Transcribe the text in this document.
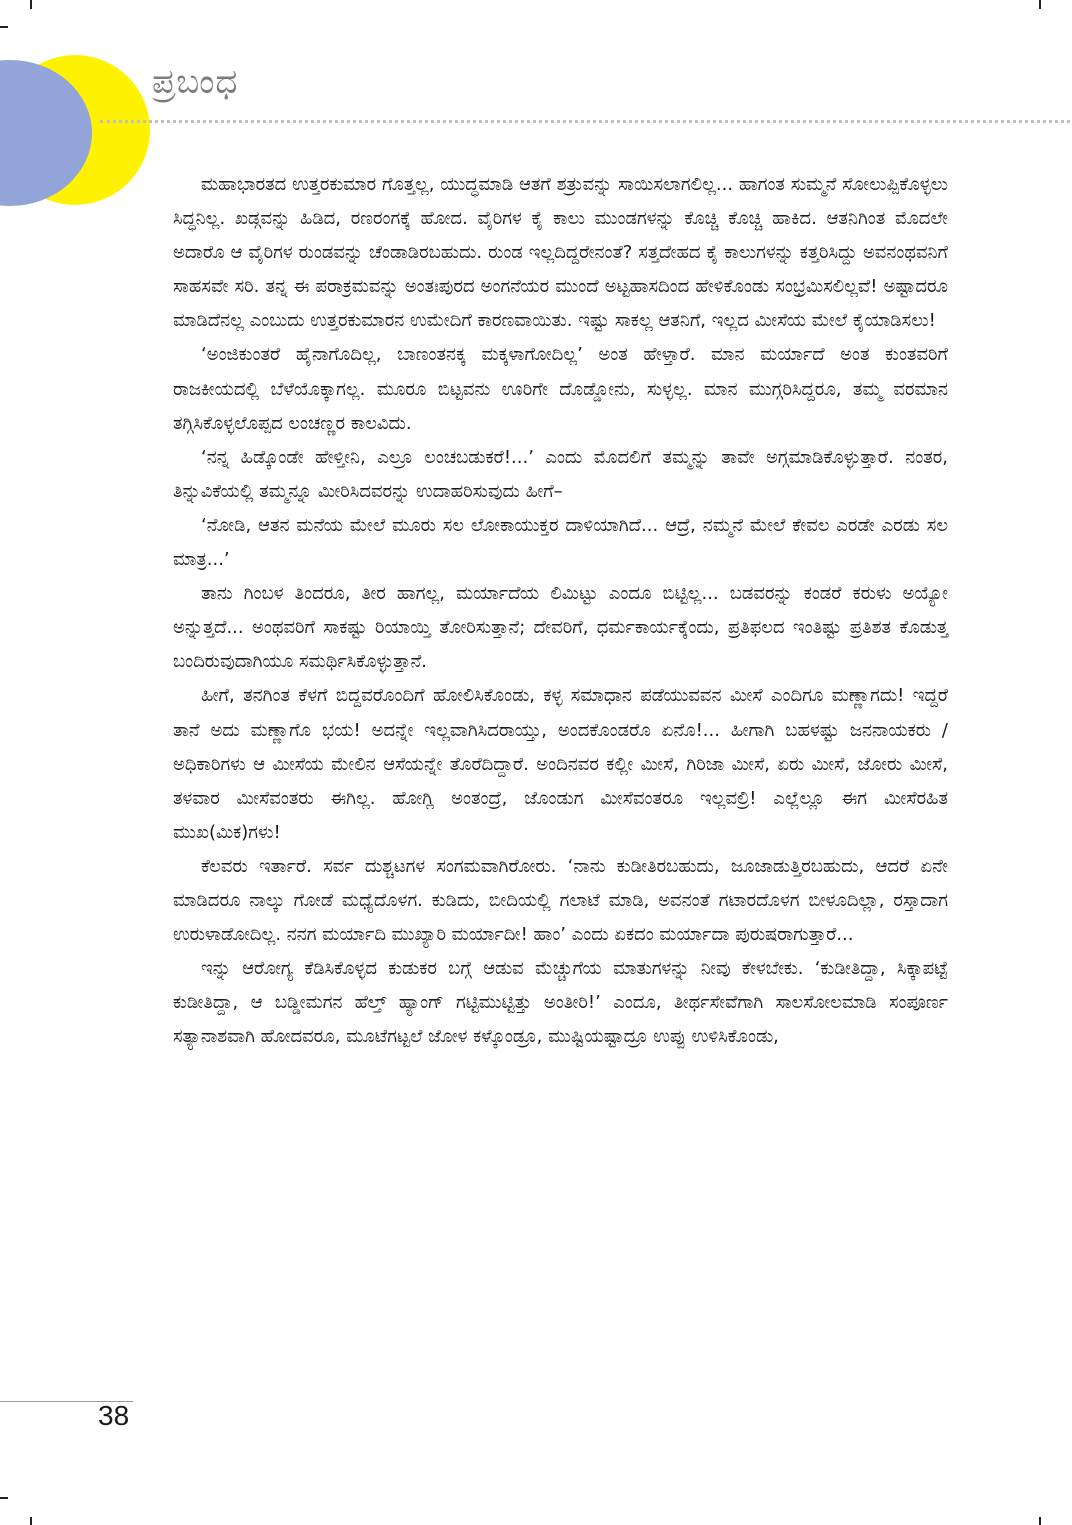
ಪ್ರಬಂಧ

ಮಹಾಭಾರತದ ಉತ್ತರಕುಮಾರ ಗೊತ್ತಲ್ಲ, ಯುದ್ಧಮಾಡಿ ಆತಗೆ ಶತ್ರುವನ್ನು ಸಾಯಿಸಲಾಗಲಿಲ್ಲ... ಹಾಗಂತ ಸುಮ್ಮನೆ ಸೋಲುಪ್ಪಿಕೊಳ್ಳಲು ಸಿದ್ಧನಿಲ್ಲ. ಖಡ್ಗವನ್ನು ಹಿಡಿದ, ರಣರಂಗಕ್ಕೆ ಹೋದ. ವೈರಿಗಳ ಕೈ ಕಾಲು ಮುಂಡಗಳನ್ನು ಕೊಚ್ಚಿ ಕೊಚ್ಚಿ ಹಾಕಿದ. ಆತನಿಗಿಂತ ಮೊದಲೇ ಅದಾರೊ ಆ ವೈರಿಗಳ ರುಂಡವನ್ನು ಚೆಂಡಾಡಿರಬಹುದು. ರುಂಡ ಇಲ್ಲದಿದ್ದರೇನಂತೆ? ಸತ್ತದೇಹದ ಕೈ ಕಾಲುಗಳನ್ನು ಕತ್ತರಿಸಿದ್ದು ಅವನಂಥವನಿಗೆ ಸಾಹಸವೇ ಸರಿ. ತನ್ನ ಈ ಪರಾಕ್ರಮವನ್ನು ಅಂತಃಪುರದ ಅಂಗನೆಯರ ಮುಂದೆ ಅಟ್ಟಹಾಸದಿಂದ ಹೇಳಿಕೊಂಡು ಸಂಭ್ರಮಿಸಲಿಲ್ಲವೆ! ಅಷ್ಟಾದರೂ ಮಾಡಿದೆನಲ್ಲ ಎಂಬುದು ಉತ್ತರಕುಮಾರನ ಉಮೇದಿಗೆ ಕಾರಣವಾಯಿತು. ಇಷ್ಟು ಸಾಕಲ್ಲ ಆತನಿಗೆ, ಇಲ್ಲದ ಮೀಸೆಯ ಮೇಲೆ ಕೈಯಾಡಿಸಲು!

‘ಅಂಜಿಕುಂತರೆ ಹೈನಾಗೊದಿಲ್ಲ, ಬಾಣಂತನಕ್ಕ ಮಕ್ಕಳಾಗೋದಿಲ್ಲ’ ಅಂತ ಹೇಳ್ತಾರೆ. ಮಾನ ಮರ್ಯಾದೆ ಅಂತ ಕುಂತವರಿಗೆ ರಾಜಕೀಯದಲ್ಲಿ ಬೆಳೆಯೊಕ್ಕಾಗಲ್ಲ. ಮೂರೂ ಬಿಟ್ಟವನು ಊರಿಗೇ ದೊಡ್ಡೋನು, ಸುಳ್ಳಲ್ಲ. ಮಾನ ಮುಗ್ಗರಿಸಿದ್ದರೂ, ತಮ್ಮ ವರಮಾನ ತಗ್ಗಿಸಿಕೊಳ್ಳಲೊಪ್ಪದ ಲಂಚಣ್ಣರ ಕಾಲವಿದು.

‘ನನ್ನ ಹಿಡ್ಕೊಂಡೇ ಹೇಳ್ತೀನಿ, ಎಲ್ರೂ ಲಂಚಬಡುಕರೆ!...’ ಎಂದು ಮೊದಲಿಗೆ ತಮ್ಮನ್ನು ತಾವೇ ಅಗ್ಗಮಾಡಿಕೊಳ್ಳುತ್ತಾರೆ. ನಂತರ, ತಿನ್ನುವಿಕೆಯಲ್ಲಿ ತಮ್ಮನ್ನೂ ಮೀರಿಸಿದವರನ್ನು ಉದಾಹರಿಸುವುದು ಹೀಗೆ–

‘ನೋಡಿ, ಆತನ ಮನೆಯ ಮೇಲೆ ಮೂರು ಸಲ ಲೋಕಾಯುಕ್ತರ ದಾಳಿಯಾಗಿದೆ... ಆದ್ರೆ, ನಮ್ಮನೆ ಮೇಲೆ ಕೇವಲ ಎರಡೇ ಎರಡು ಸಲ ಮಾತ್ರ...’

ತಾನು ಗಿಂಬಳ ತಿಂದರೂ, ತೀರ ಹಾಗಲ್ಲ, ಮರ್ಯಾದೆಯ ಲಿಮಿಟ್ಟು ಎಂದೂ ಬಿಟ್ಟಿಲ್ಲ... ಬಡವರನ್ನು ಕಂಡರೆ ಕರುಳು ಅಯ್ಯೋ ಅನ್ನುತ್ತದೆ... ಅಂಥವರಿಗೆ ಸಾಕಷ್ಟು ರಿಯಾಯ್ತಿ ತೋರಿಸುತ್ತಾನೆ; ದೇವರಿಗೆ, ಧರ್ಮಕಾರ್ಯಕ್ಕೆಂದು, ಪ್ರತಿಫಲದ ಇಂತಿಷ್ಟು ಪ್ರತಿಶತ ಕೊಡುತ್ತ ಬಂದಿರುವುದಾಗಿಯೂ ಸಮರ್ಥಿಸಿಕೊಳ್ಳುತ್ತಾನೆ.

ಹೀಗೆ, ತನಗಿಂತ ಕೆಳಗೆ ಬಿದ್ದವರೊಂದಿಗೆ ಹೋಲಿಸಿಕೊಂಡು, ಕಳ್ಳ ಸಮಾಧಾನ ಪಡೆಯುವವನ ಮೀಸೆ ಎಂದಿಗೂ ಮಣ್ಣಾಗದು! ಇದ್ದರೆ ತಾನೆ ಅದು ಮಣ್ಣಾಗೊ ಭಯ! ಅದನ್ನೇ ಇಲ್ಲವಾಗಿಸಿದರಾಯ್ತು, ಅಂದಕೊಂಡರೊ ಏನೊ!... ಹೀಗಾಗಿ ಬಹಳಷ್ಟು ಜನನಾಯಕರು / ಅಧಿಕಾರಿಗಳು ಆ ಮೀಸೆಯ ಮೇಲಿನ ಆಸೆಯನ್ನೇ ತೊರೆದಿದ್ದಾರೆ. ಅಂದಿನವರ ಕಲ್ಲೀ ಮೀಸೆ, ಗಿರಿಜಾ ಮೀಸೆ, ಏರು ಮೀಸೆ, ಜೋರು ಮೀಸೆ, ತಳವಾರ ಮೀಸೆವಂತರು ಈಗಿಲ್ಲ. ಹೋಗ್ಲಿ ಅಂತಂದ್ರೆ, ಜೊಂಡುಗ ಮೀಸೆವಂತರೂ ಇಲ್ಲವಲ್ರಿ! ಎಲ್ಲೆಲ್ಲೂ ಈಗ ಮೀಸೆರಹಿತ ಮುಖ(ಮಿಕ)ಗಳು!

ಕೆಲವರು ಇರ್ತಾರೆ. ಸರ್ವ ದುಶ್ಚಟಗಳ ಸಂಗಮವಾಗಿರೋರು. ‘ನಾನು ಕುಡೀತಿರಬಹುದು, ಜೂಜಾಡುತ್ತಿರಬಹುದು, ಆದರೆ ಏನೇ ಮಾಡಿದರೂ ನಾಲ್ಕು ಗೋಡೆ ಮಧ್ಯೆದೊಳಗ. ಕುಡಿದು, ಬೀದಿಯಲ್ಲಿ ಗಲಾಟೆ ಮಾಡಿ, ಅವನಂತೆ ಗಟಾರದೊಳಗ ಬೀಳೂದಿಲ್ಲಾ, ರಸ್ತಾದಾಗ ಉರುಳಾಡೋದಿಲ್ಲ. ನನಗ ಮರ್ಯಾದಿ ಮುಖ್ಯಾರಿ ಮರ್ಯಾದೀ! ಹಾಂ’ ಎಂದು ಏಕದಂ ಮರ್ಯಾದಾ ಪುರುಷರಾಗುತ್ತಾರೆ...

ಇನ್ನು ಆರೋಗ್ಯ ಕೆಡಿಸಿಕೊಳ್ಳದ ಕುಡುಕರ ಬಗ್ಗೆ ಆಡುವ ಮೆಚ್ಚುಗೆಯ ಮಾತುಗಳನ್ನು ನೀವು ಕೇಳಬೇಕು. ‘ಕುಡೀತಿದ್ದಾ, ಸಿಕ್ಕಾಪಟ್ಟೆ ಕುಡೀತಿದ್ದಾ, ಆ ಬಡ್ಡೀಮಗನ ಹೆಲ್ತ್ ಹ್ಯಾಂಗ್ ಗಟ್ಟಿಮುಟ್ಟಿತ್ತು ಅಂತೀರಿ!’ ಎಂದೂ, ತೀರ್ಥಸೇವೆಗಾಗಿ ಸಾಲಸೋಲಮಾಡಿ ಸಂಪೂರ್ಣ ಸತ್ಯಾನಾಶವಾಗಿ ಹೋದವರೂ, ಮೂಟೆಗಟ್ಟಲೆ ಜೋಳ ಕಳ್ಕೊಂಡ್ರೂ, ಮುಷ್ಟಿಯಷ್ಟಾದ್ರೂ ಉಪ್ಪು ಉಳಿಸಿಕೊಂಡು,

38
